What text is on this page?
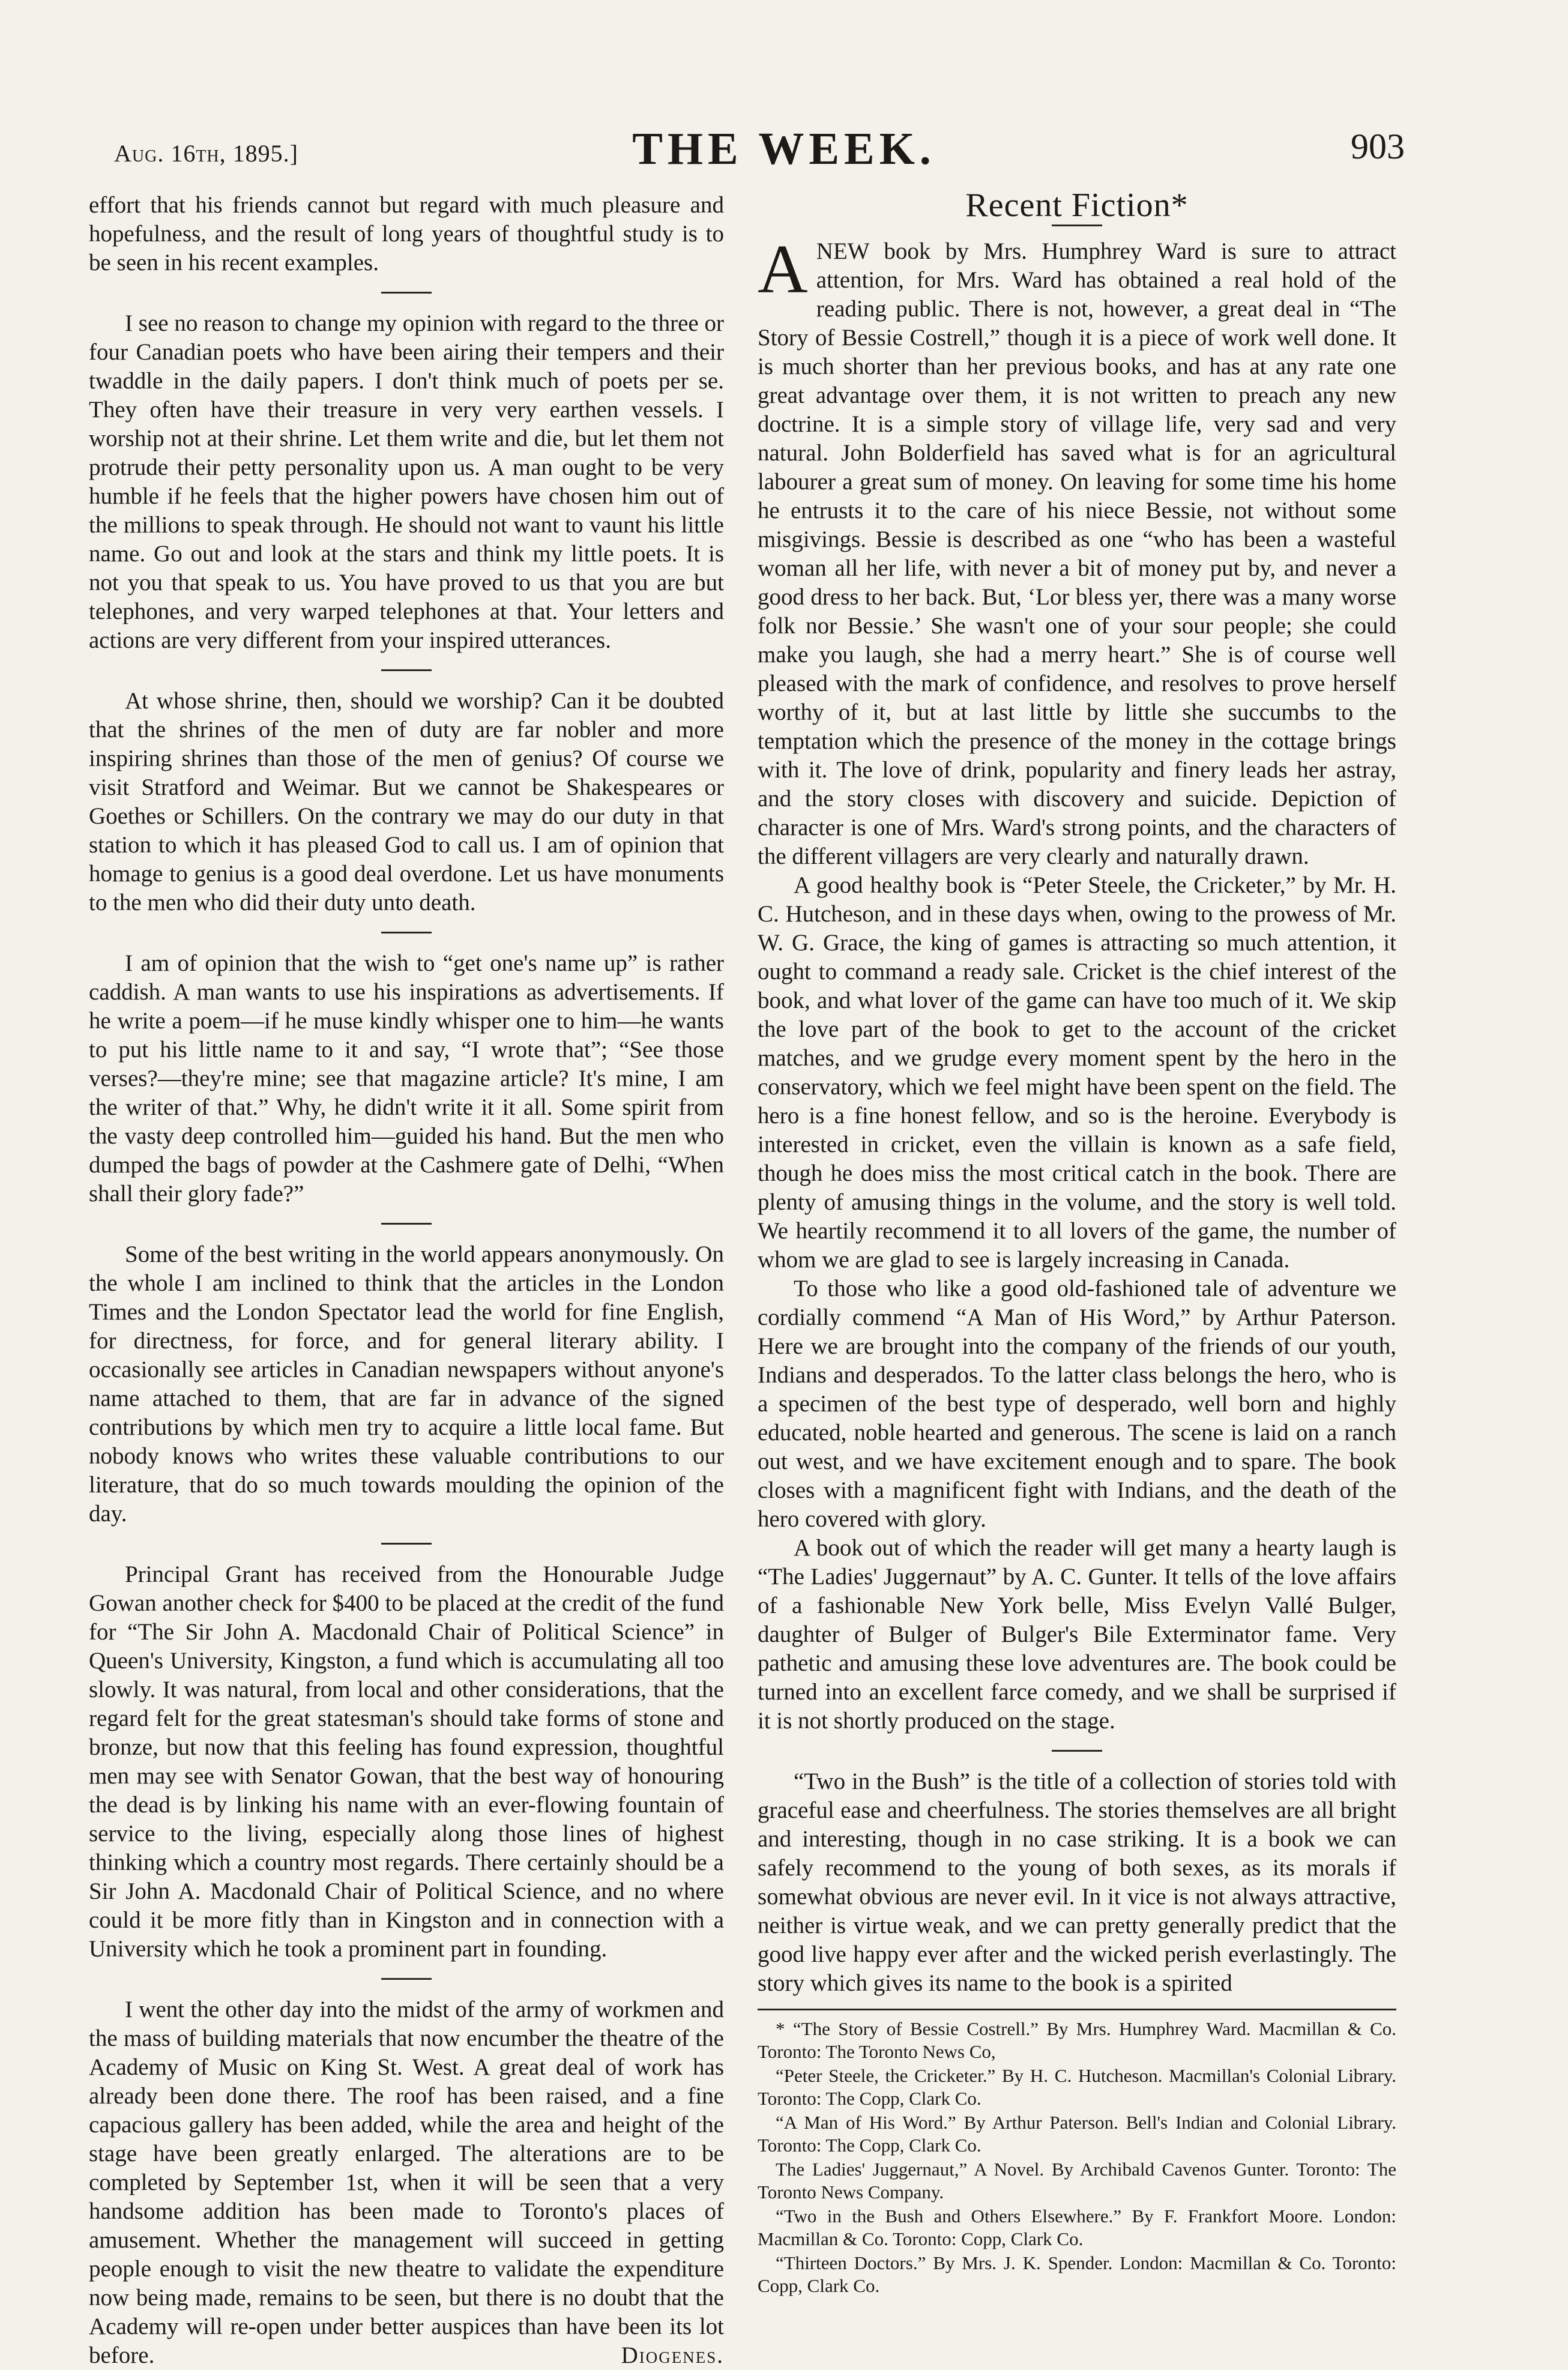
Aug. 16th, 1895.]	THE WEEK.	903

effort that his friends cannot but regard with much pleasure and hopefulness, and the result of long years of thoughtful study is to be seen in his recent examples.

I see no reason to change my opinion with regard to the three or four Canadian poets who have been airing their tempers and their twaddle in the daily papers. I don't think much of poets per se. They often have their treasure in very very earthen vessels. I worship not at their shrine. Let them write and die, but let them not protrude their petty personality upon us. A man ought to be very humble if he feels that the higher powers have chosen him out of the millions to speak through. He should not want to vaunt his little name. Go out and look at the stars and think my little poets. It is not you that speak to us. You have proved to us that you are but telephones, and very warped telephones at that. Your letters and actions are very different from your inspired utterances.

At whose shrine, then, should we worship? Can it be doubted that the shrines of the men of duty are far nobler and more inspiring shrines than those of the men of genius? Of course we visit Stratford and Weimar. But we cannot be Shakespeares or Goethes or Schillers. On the contrary we may do our duty in that station to which it has pleased God to call us. I am of opinion that homage to genius is a good deal overdone. Let us have monuments to the men who did their duty unto death.

I am of opinion that the wish to “get one's name up” is rather caddish. A man wants to use his inspirations as advertisements. If he write a poem—if he muse kindly whisper one to him—he wants to put his little name to it and say, “I wrote that”; “See those verses?—they're mine; see that magazine article? It's mine, I am the writer of that.” Why, he didn't write it it all. Some spirit from the vasty deep controlled him—guided his hand. But the men who dumped the bags of powder at the Cashmere gate of Delhi, “When shall their glory fade?”

Some of the best writing in the world appears anonymously. On the whole I am inclined to think that the articles in the London Times and the London Spectator lead the world for fine English, for directness, for force, and for general literary ability. I occasionally see articles in Canadian newspapers without anyone's name attached to them, that are far in advance of the signed contributions by which men try to acquire a little local fame. But nobody knows who writes these valuable contributions to our literature, that do so much towards moulding the opinion of the day.

Principal Grant has received from the Honourable Judge Gowan another check for $400 to be placed at the credit of the fund for “The Sir John A. Macdonald Chair of Political Science” in Queen's University, Kingston, a fund which is accumulating all too slowly. It was natural, from local and other considerations, that the regard felt for the great statesman's should take forms of stone and bronze, but now that this feeling has found expression, thoughtful men may see with Senator Gowan, that the best way of honouring the dead is by linking his name with an ever-flowing fountain of service to the living, especially along those lines of highest thinking which a country most regards. There certainly should be a Sir John A. Macdonald Chair of Political Science, and no where could it be more fitly than in Kingston and in connection with a University which he took a prominent part in founding.

I went the other day into the midst of the army of workmen and the mass of building materials that now encumber the theatre of the Academy of Music on King St. West. A great deal of work has already been done there. The roof has been raised, and a fine capacious gallery has been added, while the area and height of the stage have been greatly enlarged. The alterations are to be completed by September 1st, when it will be seen that a very handsome addition has been made to Toronto's places of amusement. Whether the management will succeed in getting people enough to visit the new theatre to validate the expenditure now being made, remains to be seen, but there is no doubt that the Academy will re-open under better auspices than have been its lot before.	Diogenes.

Recent Fiction*

ANEW book by Mrs. Humphrey Ward is sure to attract attention, for Mrs. Ward has obtained a real hold of the reading public. There is not, however, a great deal in “The Story of Bessie Costrell,” though it is a piece of work well done. It is much shorter than her previous books, and has at any rate one great advantage over them, it is not written to preach any new doctrine. It is a simple story of village life, very sad and very natural. John Bolderfield has saved what is for an agricultural labourer a great sum of money. On leaving for some time his home he entrusts it to the care of his niece Bessie, not without some misgivings. Bessie is described as one “who has been a wasteful woman all her life, with never a bit of money put by, and never a good dress to her back. But, ‘Lor bless yer, there was a many worse folk nor Bessie.’ She wasn't one of your sour people; she could make you laugh, she had a merry heart.” She is of course well pleased with the mark of confidence, and resolves to prove herself worthy of it, but at last little by little she succumbs to the temptation which the presence of the money in the cottage brings with it. The love of drink, popularity and finery leads her astray, and the story closes with discovery and suicide. Depiction of character is one of Mrs. Ward's strong points, and the characters of the different villagers are very clearly and naturally drawn.

A good healthy book is “Peter Steele, the Cricketer,” by Mr. H. C. Hutcheson, and in these days when, owing to the prowess of Mr. W. G. Grace, the king of games is attracting so much attention, it ought to command a ready sale. Cricket is the chief interest of the book, and what lover of the game can have too much of it. We skip the love part of the book to get to the account of the cricket matches, and we grudge every moment spent by the hero in the conservatory, which we feel might have been spent on the field. The hero is a fine honest fellow, and so is the heroine. Everybody is interested in cricket, even the villain is known as a safe field, though he does miss the most critical catch in the book. There are plenty of amusing things in the volume, and the story is well told. We heartily recommend it to all lovers of the game, the number of whom we are glad to see is largely increasing in Canada.

To those who like a good old-fashioned tale of adventure we cordially commend “A Man of His Word,” by Arthur Paterson. Here we are brought into the company of the friends of our youth, Indians and desperados. To the latter class belongs the hero, who is a specimen of the best type of desperado, well born and highly educated, noble hearted and generous. The scene is laid on a ranch out west, and we have excitement enough and to spare. The book closes with a magnificent fight with Indians, and the death of the hero covered with glory.

A book out of which the reader will get many a hearty laugh is “The Ladies' Juggernaut” by A. C. Gunter. It tells of the love affairs of a fashionable New York belle, Miss Evelyn Vallé Bulger, daughter of Bulger of Bulger's Bile Exterminator fame. Very pathetic and amusing these love adventures are. The book could be turned into an excellent farce comedy, and we shall be surprised if it is not shortly produced on the stage.

“Two in the Bush” is the title of a collection of stories told with graceful ease and cheerfulness. The stories themselves are all bright and interesting, though in no case striking. It is a book we can safely recommend to the young of both sexes, as its morals if somewhat obvious are never evil. In it vice is not always attractive, neither is virtue weak, and we can pretty generally predict that the good live happy ever after and the wicked perish everlastingly. The story which gives its name to the book is a spirited

* “The Story of Bessie Costrell.” By Mrs. Humphrey Ward. Macmillan & Co. Toronto: The Toronto News Co,

“Peter Steele, the Cricketer.” By H. C. Hutcheson. Macmillan's Colonial Library. Toronto: The Copp, Clark Co.

“A Man of His Word.” By Arthur Paterson. Bell's Indian and Colonial Library. Toronto: The Copp, Clark Co.

The Ladies' Juggernaut,” A Novel. By Archibald Cavenos Gunter. Toronto: The Toronto News Company.

“Two in the Bush and Others Elsewhere.” By F. Frankfort Moore. London: Macmillan & Co. Toronto: Copp, Clark Co.

“Thirteen Doctors.” By Mrs. J. K. Spender. London: Macmillan & Co. Toronto: Copp, Clark Co.
